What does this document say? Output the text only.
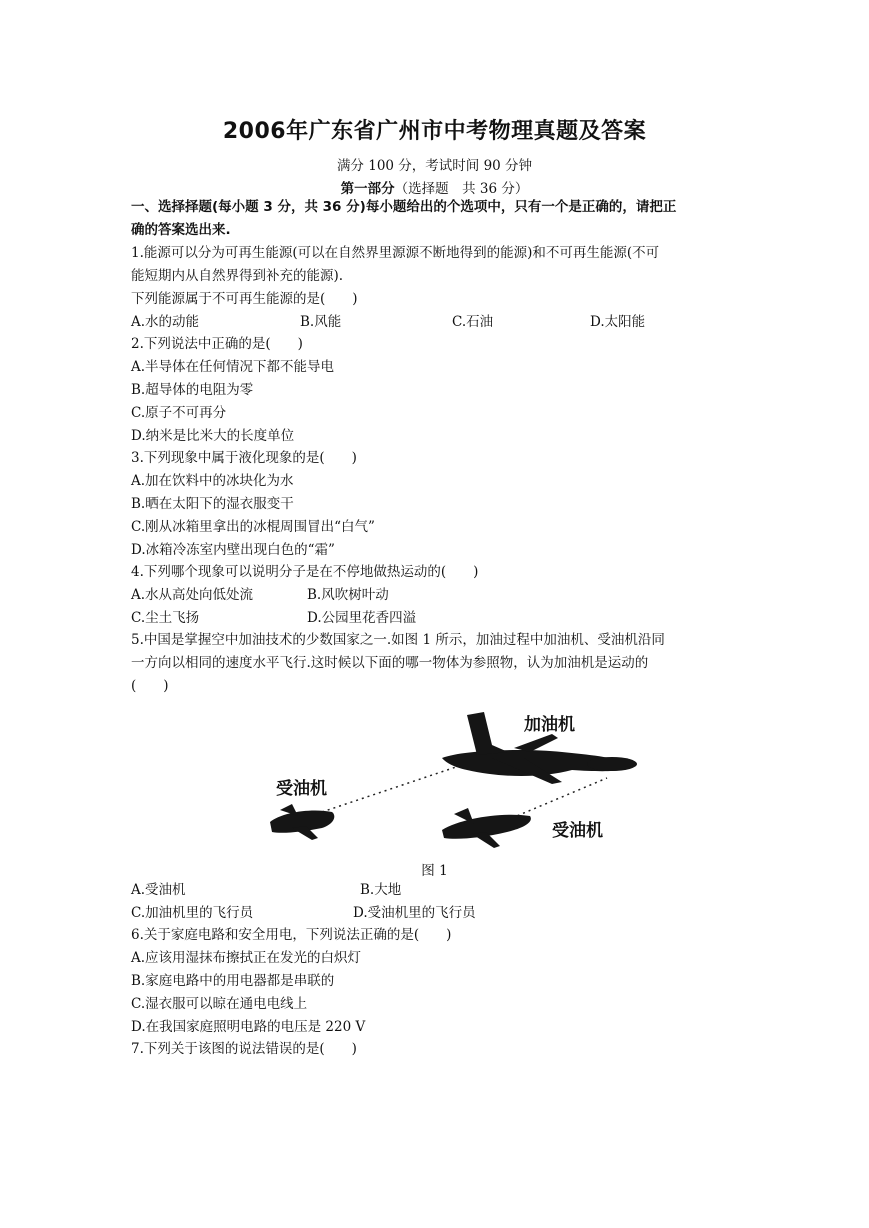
2006年广东省广州市中考物理真题及答案
满分 100 分，考试时间 90 分钟
第一部分（选择题　共 36 分）
一、选择择题(每小题 3 分，共 36 分)每小题给出的个选项中，只有一个是正确的，请把正
确的答案选出来.
1.能源可以分为可再生能源(可以在自然界里源源不断地得到的能源)和不可再生能源(不可
能短期内从自然界得到补充的能源).
下列能源属于不可再生能源的是(　　)
A.水的动能	B.风能	C.石油	D.太阳能
2.下列说法中正确的是(　　)
A.半导体在任何情况下都不能导电
B.超导体的电阻为零
C.原子不可再分
D.纳米是比米大的长度单位
3.下列现象中属于液化现象的是(　　)
A.加在饮料中的冰块化为水
B.晒在太阳下的湿衣服变干
C.刚从冰箱里拿出的冰棍周围冒出“白气”
D.冰箱冷冻室内壁出现白色的“霜”
4.下列哪个现象可以说明分子是在不停地做热运动的(　　)
A.水从高处向低处流	B.风吹树叶动
C.尘土飞扬	D.公园里花香四溢
5.中国是掌握空中加油技术的少数国家之一.如图 1 所示，加油过程中加油机、受油机沿同
一方向以相同的速度水平飞行.这时候以下面的哪一物体为参照物，认为加油机是运动的
(　　)
加油机
受油机
受油机
图 1
A.受油机	B.大地
C.加油机里的飞行员	D.受油机里的飞行员
6.关于家庭电路和安全用电，下列说法正确的是(　　)
A.应该用湿抹布擦拭正在发光的白炽灯
B.家庭电路中的用电器都是串联的
C.湿衣服可以晾在通电电线上
D.在我国家庭照明电路的电压是 220 V
7.下列关于该图的说法错误的是(　　)
